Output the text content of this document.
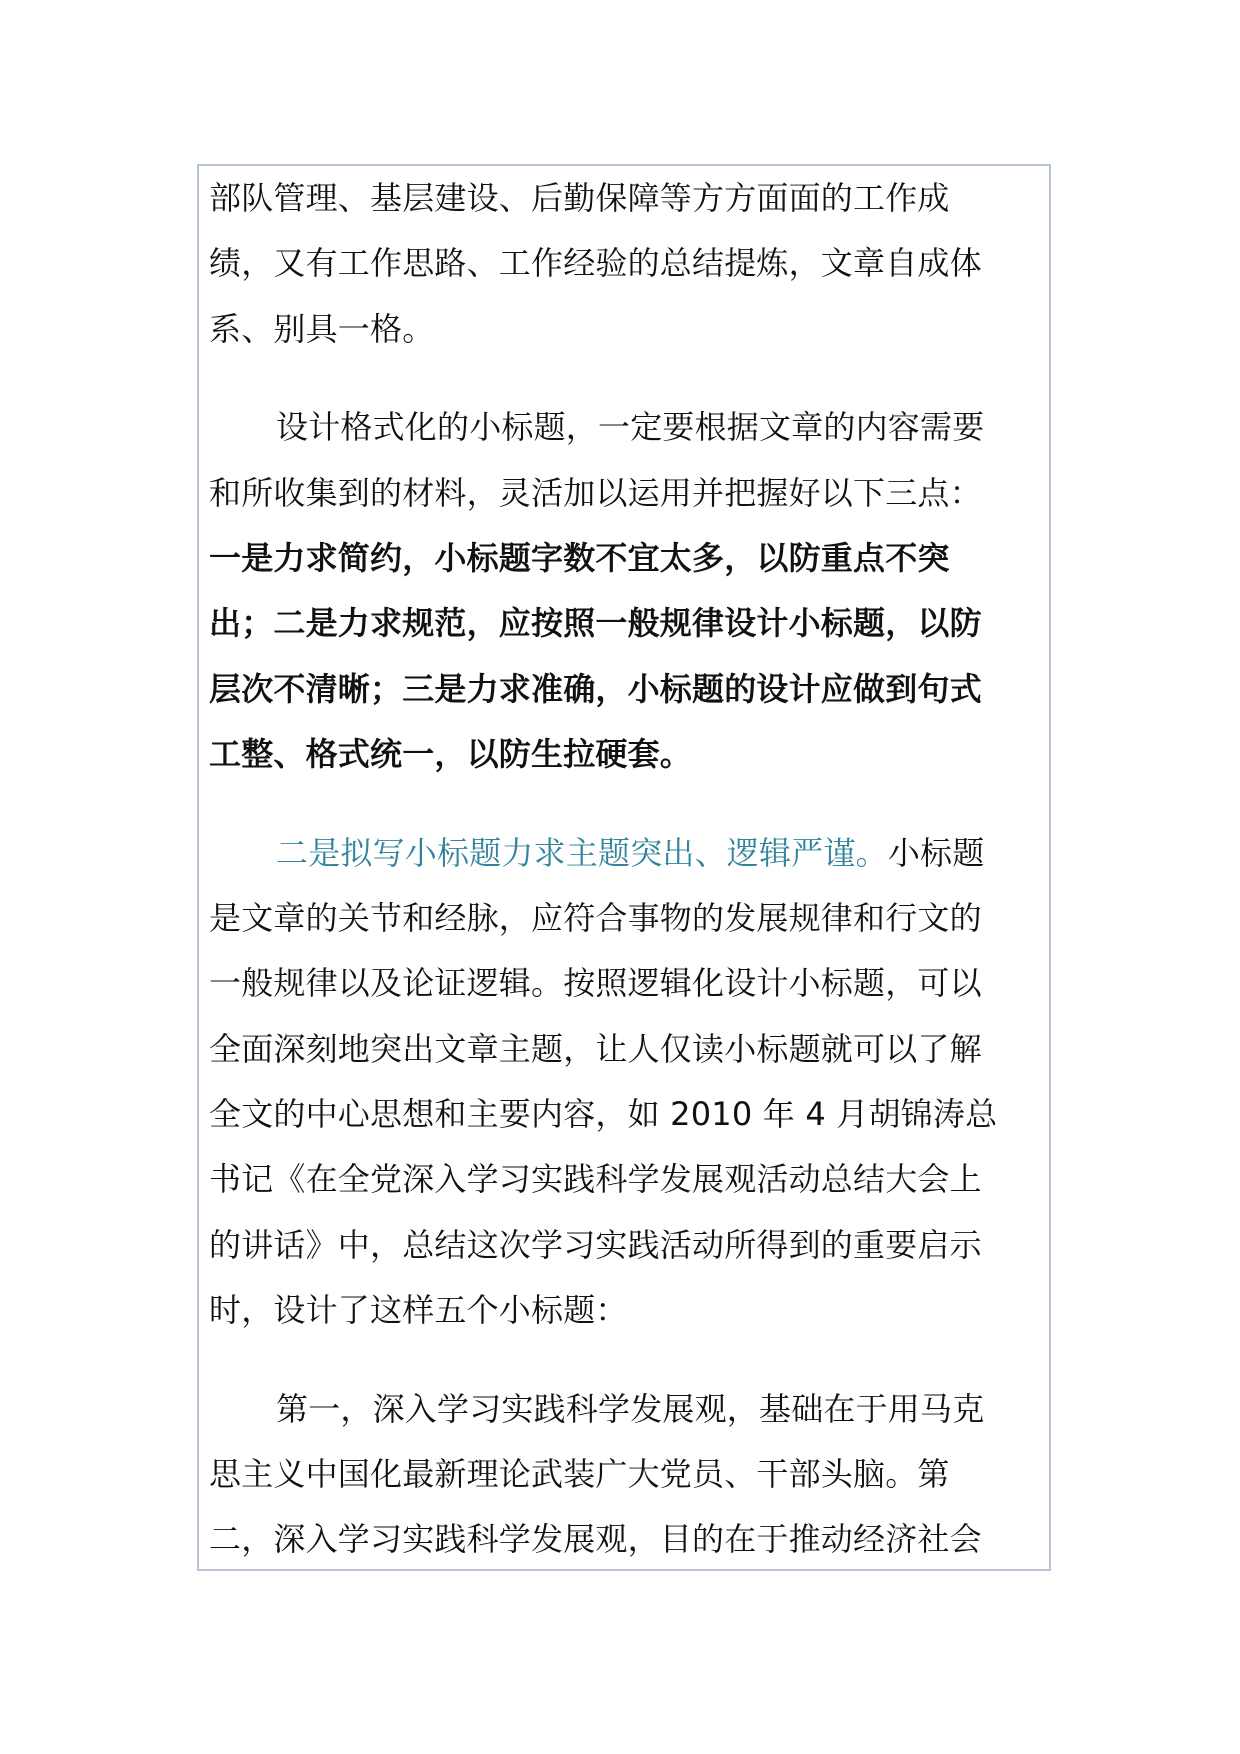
部队管理、基层建设、后勤保障等方方面面的工作成
绩，又有工作思路、工作经验的总结提炼，文章自成体
系、别具一格。
设计格式化的小标题，一定要根据文章的内容需要
和所收集到的材料，灵活加以运用并把握好以下三点：
一是力求简约，小标题字数不宜太多，以防重点不突
出；二是力求规范，应按照一般规律设计小标题，以防
层次不清晰；三是力求准确，小标题的设计应做到句式
工整、格式统一，以防生拉硬套。
二是拟写小标题力求主题突出、逻辑严谨。小标题
是文章的关节和经脉，应符合事物的发展规律和行文的
一般规律以及论证逻辑。按照逻辑化设计小标题，可以
全面深刻地突出文章主题，让人仅读小标题就可以了解
全文的中心思想和主要内容，如 2010 年 4 月胡锦涛总
书记《在全党深入学习实践科学发展观活动总结大会上
的讲话》中，总结这次学习实践活动所得到的重要启示
时，设计了这样五个小标题：
第一，深入学习实践科学发展观，基础在于用马克
思主义中国化最新理论武装广大党员、干部头脑。第
二，深入学习实践科学发展观，目的在于推动经济社会
